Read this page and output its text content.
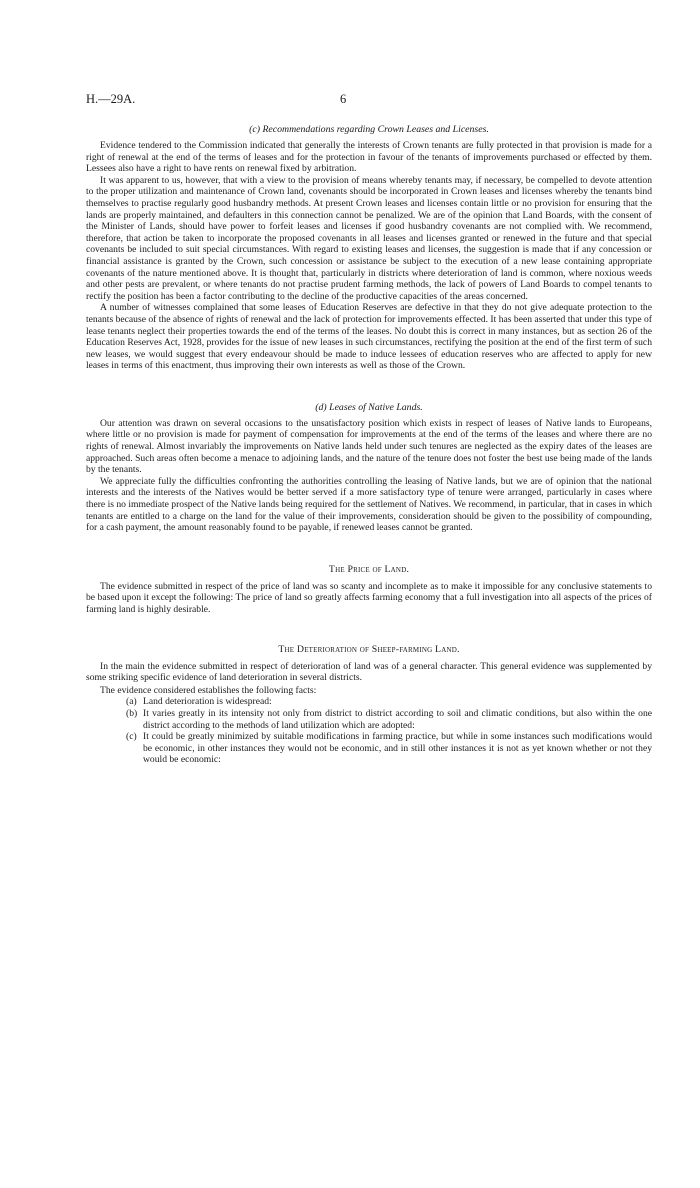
H.—29A.	6
(c) Recommendations regarding Crown Leases and Licenses.

Evidence tendered to the Commission indicated that generally the interests of Crown tenants are fully protected in that provision is made for a right of renewal at the end of the terms of leases and for the protection in favour of the tenants of improvements purchased or effected by them. Lessees also have a right to have rents on renewal fixed by arbitration.

It was apparent to us, however, that with a view to the provision of means whereby tenants may, if necessary, be compelled to devote attention to the proper utilization and maintenance of Crown land, covenants should be incorporated in Crown leases and licenses whereby the tenants bind themselves to practise regularly good husbandry methods. At present Crown leases and licenses contain little or no provision for ensuring that the lands are properly maintained, and defaulters in this connection cannot be penalized. We are of the opinion that Land Boards, with the consent of the Minister of Lands, should have power to forfeit leases and licenses if good husbandry covenants are not complied with. We recommend, therefore, that action be taken to incorporate the proposed covenants in all leases and licenses granted or renewed in the future and that special covenants be included to suit special circumstances. With regard to existing leases and licenses, the suggestion is made that if any concession or financial assistance is granted by the Crown, such concession or assistance be subject to the execution of a new lease containing appropriate covenants of the nature mentioned above. It is thought that, particularly in districts where deterioration of land is common, where noxious weeds and other pests are prevalent, or where tenants do not practise prudent farming methods, the lack of powers of Land Boards to compel tenants to rectify the position has been a factor contributing to the decline of the productive capacities of the areas concerned.

A number of witnesses complained that some leases of Education Reserves are defective in that they do not give adequate protection to the tenants because of the absence of rights of renewal and the lack of protection for improvements effected. It has been asserted that under this type of lease tenants neglect their properties towards the end of the terms of the leases. No doubt this is correct in many instances, but as section 26 of the Education Reserves Act, 1928, provides for the issue of new leases in such circumstances, rectifying the position at the end of the first term of such new leases, we would suggest that every endeavour should be made to induce lessees of education reserves who are affected to apply for new leases in terms of this enactment, thus improving their own interests as well as those of the Crown.

(d) Leases of Native Lands.

Our attention was drawn on several occasions to the unsatisfactory position which exists in respect of leases of Native lands to Europeans, where little or no provision is made for payment of compensation for improvements at the end of the terms of the leases and where there are no rights of renewal. Almost invariably the improvements on Native lands held under such tenures are neglected as the expiry dates of the leases are approached. Such areas often become a menace to adjoining lands, and the nature of the tenure does not foster the best use being made of the lands by the tenants.

We appreciate fully the difficulties confronting the authorities controlling the leasing of Native lands, but we are of opinion that the national interests and the interests of the Natives would be better served if a more satisfactory type of tenure were arranged, particularly in cases where there is no immediate prospect of the Native lands being required for the settlement of Natives. We recommend, in particular, that in cases in which tenants are entitled to a charge on the land for the value of their improvements, consideration should be given to the possibility of compounding, for a cash payment, the amount reasonably found to be payable, if renewed leases cannot be granted.

The Price of Land.

The evidence submitted in respect of the price of land was so scanty and incomplete as to make it impossible for any conclusive statements to be based upon it except the following: The price of land so greatly affects farming economy that a full investigation into all aspects of the prices of farming land is highly desirable.

The Deterioration of Sheep-farming Land.

In the main the evidence submitted in respect of deterioration of land was of a general character. This general evidence was supplemented by some striking specific evidence of land deterioration in several districts.

The evidence considered establishes the following facts:

(a) Land deterioration is widespread:
(b) It varies greatly in its intensity not only from district to district according to soil and climatic conditions, but also within the one district according to the methods of land utilization which are adopted:
(c) It could be greatly minimized by suitable modifications in farming practice, but while in some instances such modifications would be economic, in other instances they would not be economic, and in still other instances it is not as yet known whether or not they would be economic:
